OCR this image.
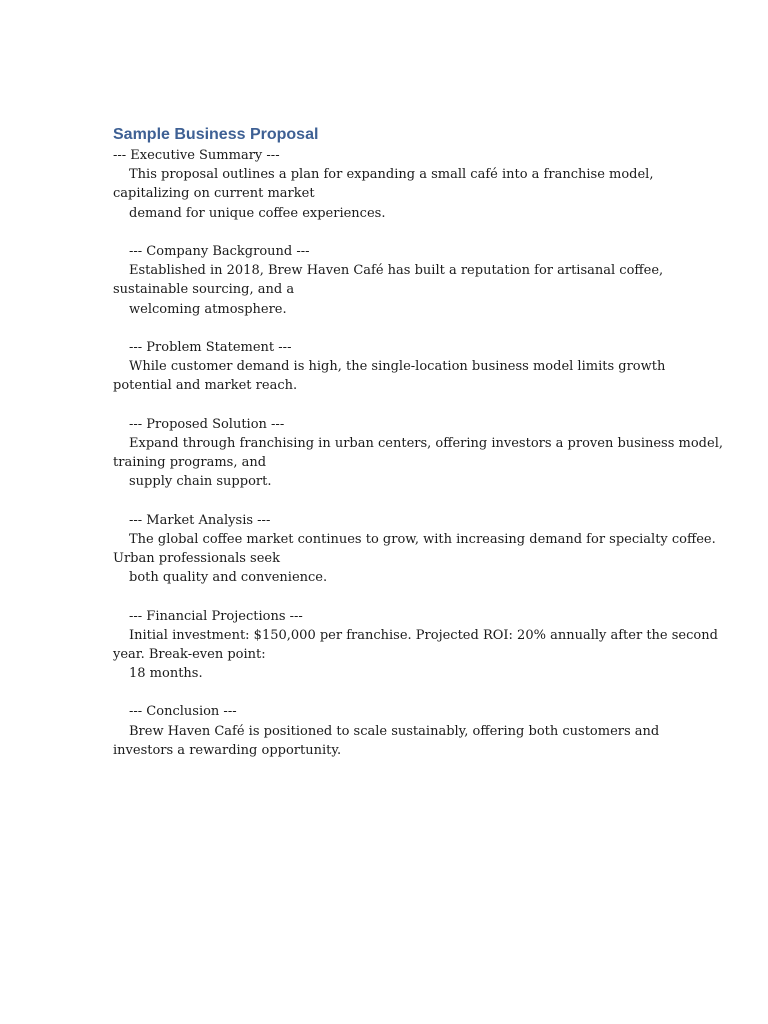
Sample Business Proposal
--- Executive Summary ---
This proposal outlines a plan for expanding a small café into a franchise model,
capitalizing on current market
demand for unique coffee experiences.
--- Company Background ---
Established in 2018, Brew Haven Café has built a reputation for artisanal coffee,
sustainable sourcing, and a
welcoming atmosphere.
--- Problem Statement ---
While customer demand is high, the single-location business model limits growth
potential and market reach.
--- Proposed Solution ---
Expand through franchising in urban centers, offering investors a proven business model,
training programs, and
supply chain support.
--- Market Analysis ---
The global coffee market continues to grow, with increasing demand for specialty coffee.
Urban professionals seek
both quality and convenience.
--- Financial Projections ---
Initial investment: $150,000 per franchise. Projected ROI: 20% annually after the second
year. Break-even point:
18 months.
--- Conclusion ---
Brew Haven Café is positioned to scale sustainably, offering both customers and
investors a rewarding opportunity.
